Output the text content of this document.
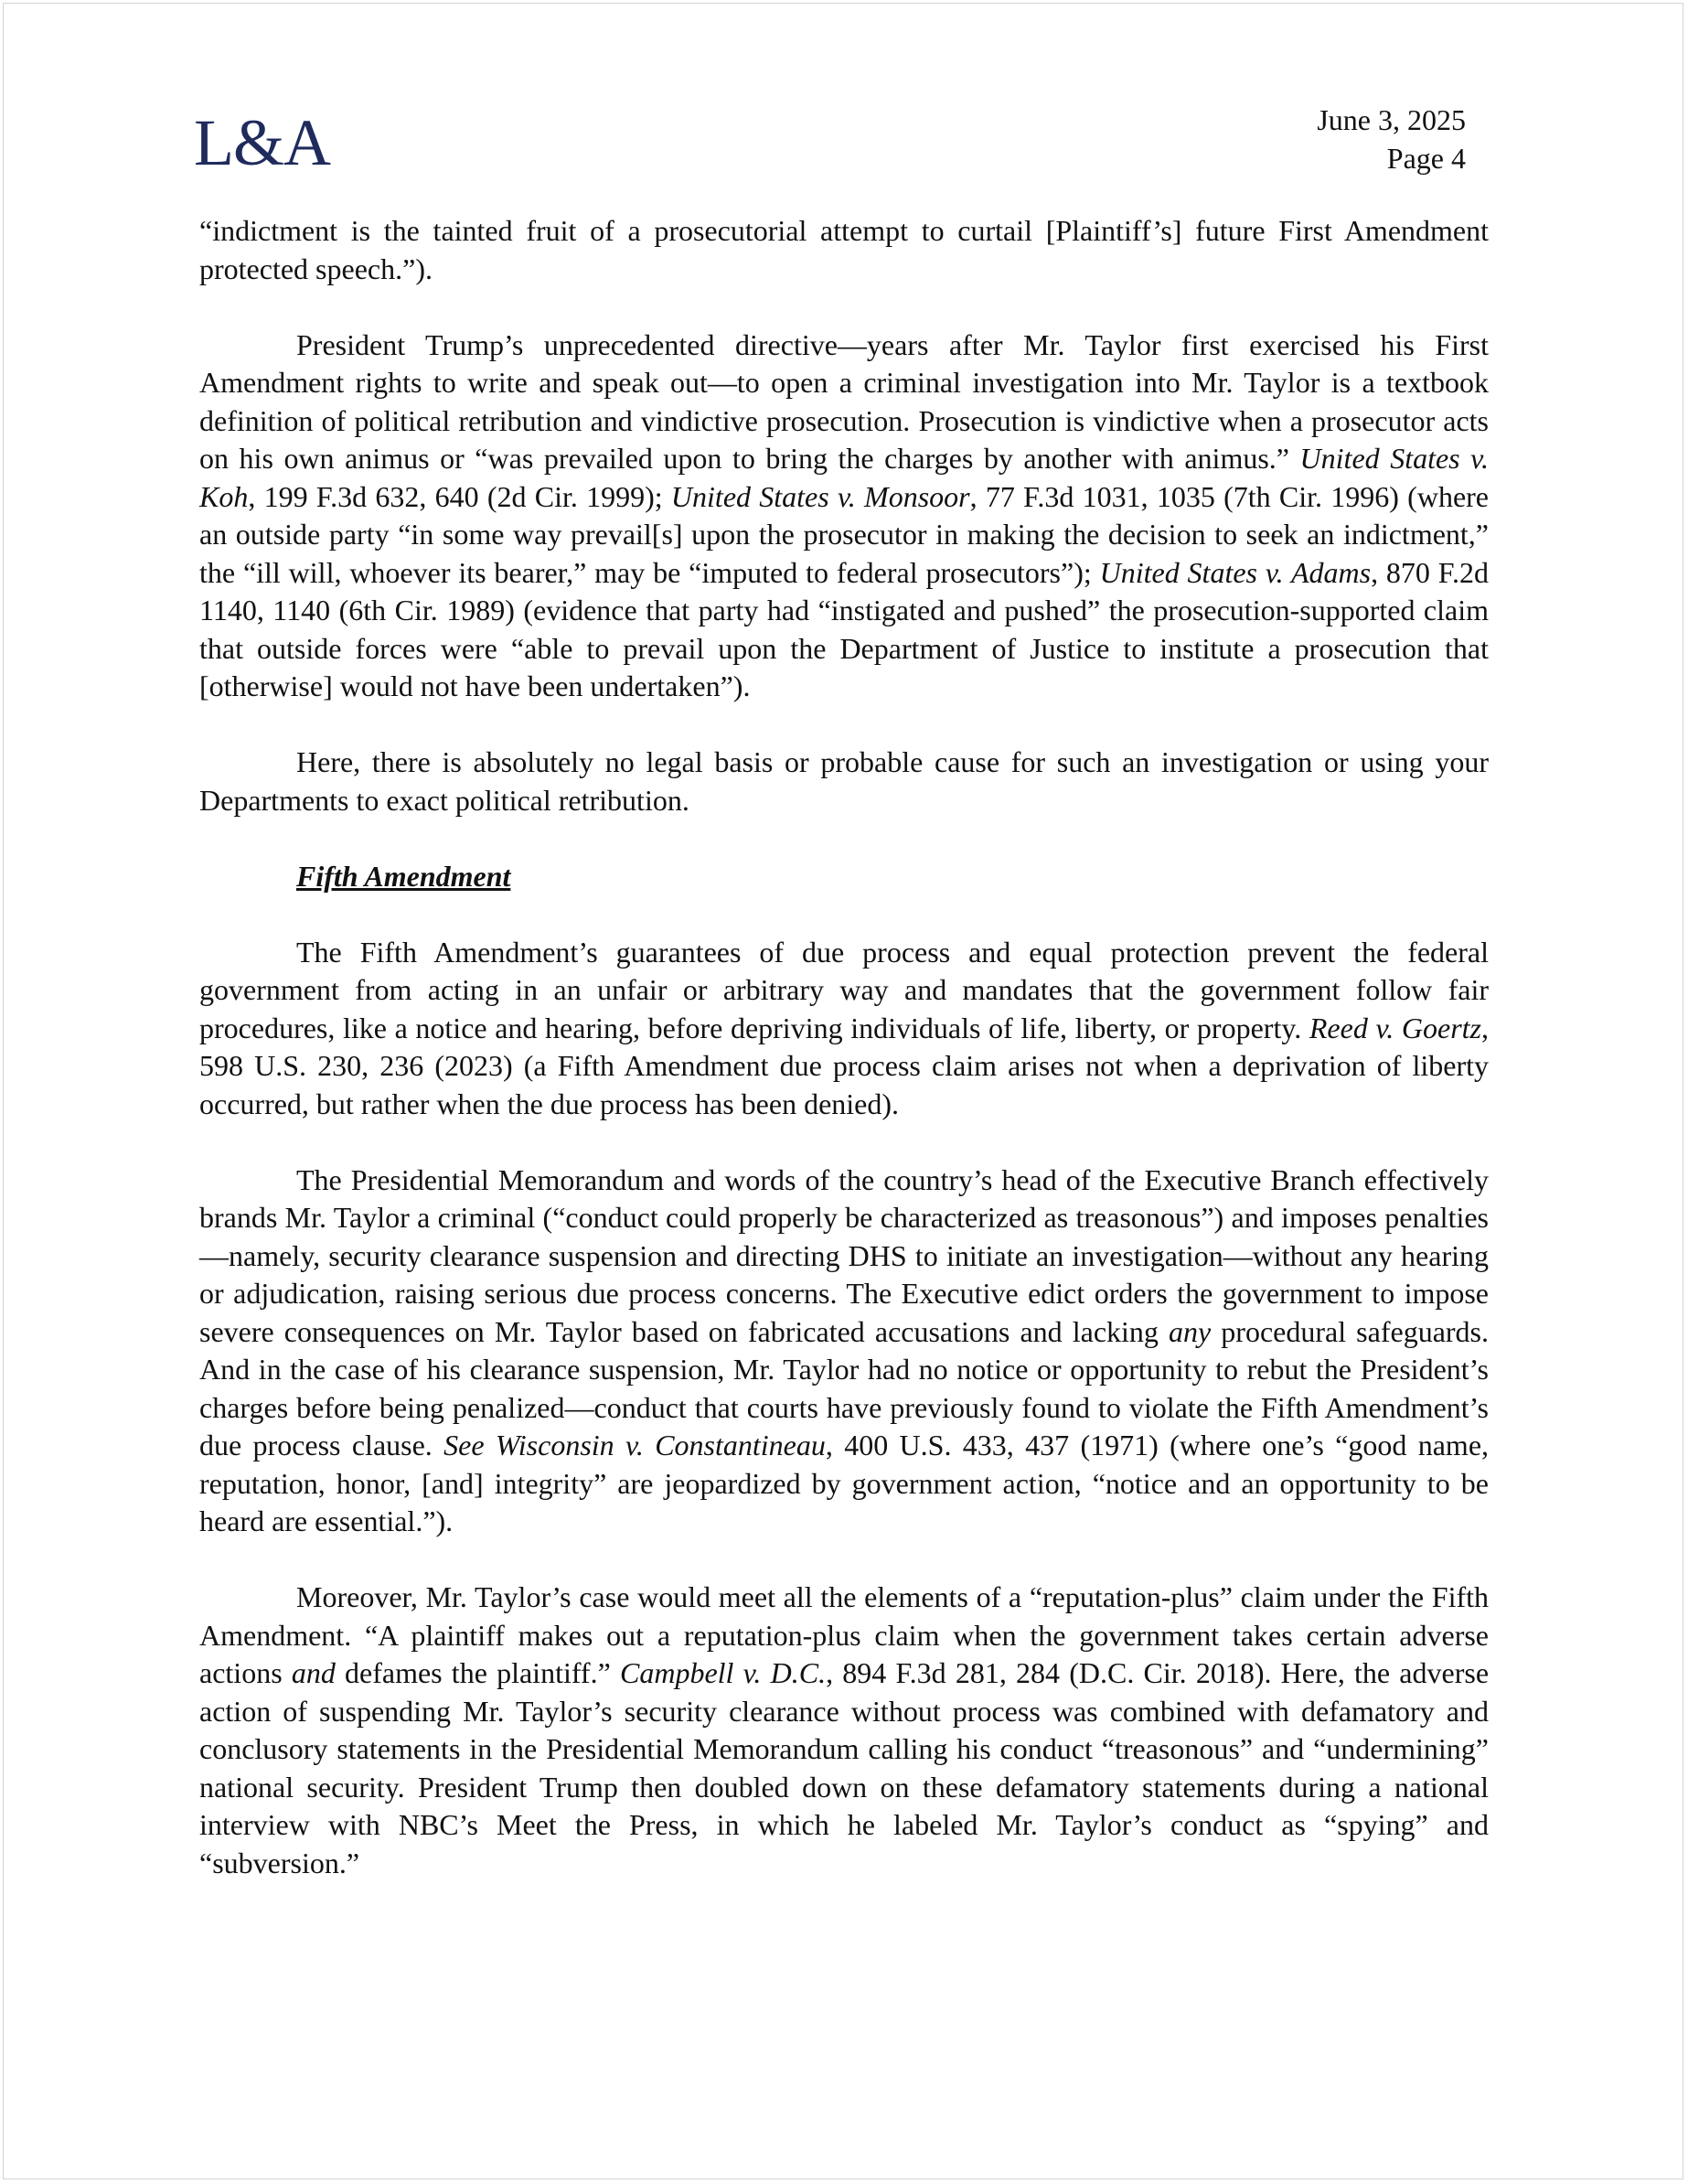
L&A	June 3, 2025
Page 4

“indictment is the tainted fruit of a prosecutorial attempt to curtail [Plaintiff’s] future First Amendment protected speech.”).

President Trump’s unprecedented directive—years after Mr. Taylor first exercised his First Amendment rights to write and speak out—to open a criminal investigation into Mr. Taylor is a textbook definition of political retribution and vindictive prosecution. Prosecution is vindictive when a prosecutor acts on his own animus or “was prevailed upon to bring the charges by another with animus.” United States v. Koh, 199 F.3d 632, 640 (2d Cir. 1999); United States v. Monsoor, 77 F.3d 1031, 1035 (7th Cir. 1996) (where an outside party “in some way prevail[s] upon the prosecutor in making the decision to seek an indictment,” the “ill will, whoever its bearer,” may be “imputed to federal prosecutors”); United States v. Adams, 870 F.2d 1140, 1140 (6th Cir. 1989) (evidence that party had “instigated and pushed” the prosecution-supported claim that outside forces were “able to prevail upon the Department of Justice to institute a prosecution that [otherwise] would not have been undertaken”).

Here, there is absolutely no legal basis or probable cause for such an investigation or using your Departments to exact political retribution.

Fifth Amendment

The Fifth Amendment’s guarantees of due process and equal protection prevent the federal government from acting in an unfair or arbitrary way and mandates that the government follow fair procedures, like a notice and hearing, before depriving individuals of life, liberty, or property. Reed v. Goertz, 598 U.S. 230, 236 (2023) (a Fifth Amendment due process claim arises not when a deprivation of liberty occurred, but rather when the due process has been denied).

The Presidential Memorandum and words of the country’s head of the Executive Branch effectively brands Mr. Taylor a criminal (“conduct could properly be characterized as treasonous”) and imposes penalties—namely, security clearance suspension and directing DHS to initiate an investigation—without any hearing or adjudication, raising serious due process concerns. The Executive edict orders the government to impose severe consequences on Mr. Taylor based on fabricated accusations and lacking any procedural safeguards. And in the case of his clearance suspension, Mr. Taylor had no notice or opportunity to rebut the President’s charges before being penalized—conduct that courts have previously found to violate the Fifth Amendment’s due process clause. See Wisconsin v. Constantineau, 400 U.S. 433, 437 (1971) (where one’s “good name, reputation, honor, [and] integrity” are jeopardized by government action, “notice and an opportunity to be heard are essential.”).

Moreover, Mr. Taylor’s case would meet all the elements of a “reputation-plus” claim under the Fifth Amendment. “A plaintiff makes out a reputation-plus claim when the government takes certain adverse actions and defames the plaintiff.” Campbell v. D.C., 894 F.3d 281, 284 (D.C. Cir. 2018). Here, the adverse action of suspending Mr. Taylor’s security clearance without process was combined with defamatory and conclusory statements in the Presidential Memorandum calling his conduct “treasonous” and “undermining” national security. President Trump then doubled down on these defamatory statements during a national interview with NBC’s Meet the Press, in which he labeled Mr. Taylor’s conduct as “spying” and “subversion.”
